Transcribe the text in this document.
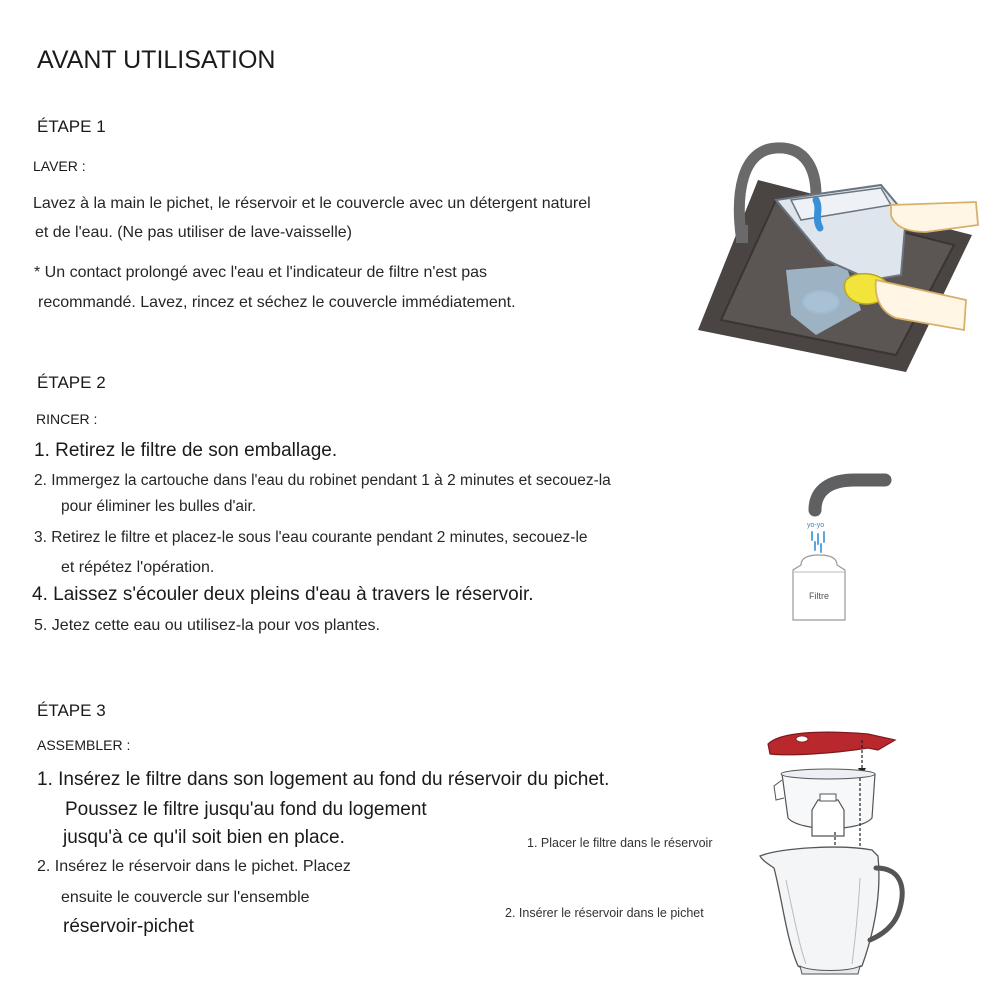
AVANT UTILISATION
ÉTAPE 1
LAVER :
Lavez à la main le pichet, le réservoir et le couvercle avec un détergent naturel
et de l'eau. (Ne pas utiliser de lave-vaisselle)
* Un contact prolongé avec l'eau et l'indicateur de filtre n'est pas
recommandé. Lavez, rincez et séchez le couvercle immédiatement.
ÉTAPE 2
RINCER :
1. Retirez le filtre de son emballage.
2. Immergez la cartouche dans l'eau du robinet pendant 1 à 2 minutes et secouez-la
pour éliminer les bulles d'air.
3. Retirez le filtre et placez-le sous l'eau courante pendant 2 minutes, secouez-le
et répétez l'opération.
4. Laissez s'écouler deux pleins d'eau à travers le réservoir.
5. Jetez cette eau ou utilisez-la pour vos plantes.
yo-yo
Filtre
ÉTAPE 3
ASSEMBLER :
1. Insérez le filtre dans son logement au fond du réservoir du pichet.
Poussez le filtre jusqu'au fond du logement
jusqu'à ce qu'il soit bien en place.
2. Insérez le réservoir dans le pichet. Placez
ensuite le couvercle sur l'ensemble
réservoir-pichet
1. Placer le filtre dans le réservoir
2. Insérer le réservoir dans le pichet
